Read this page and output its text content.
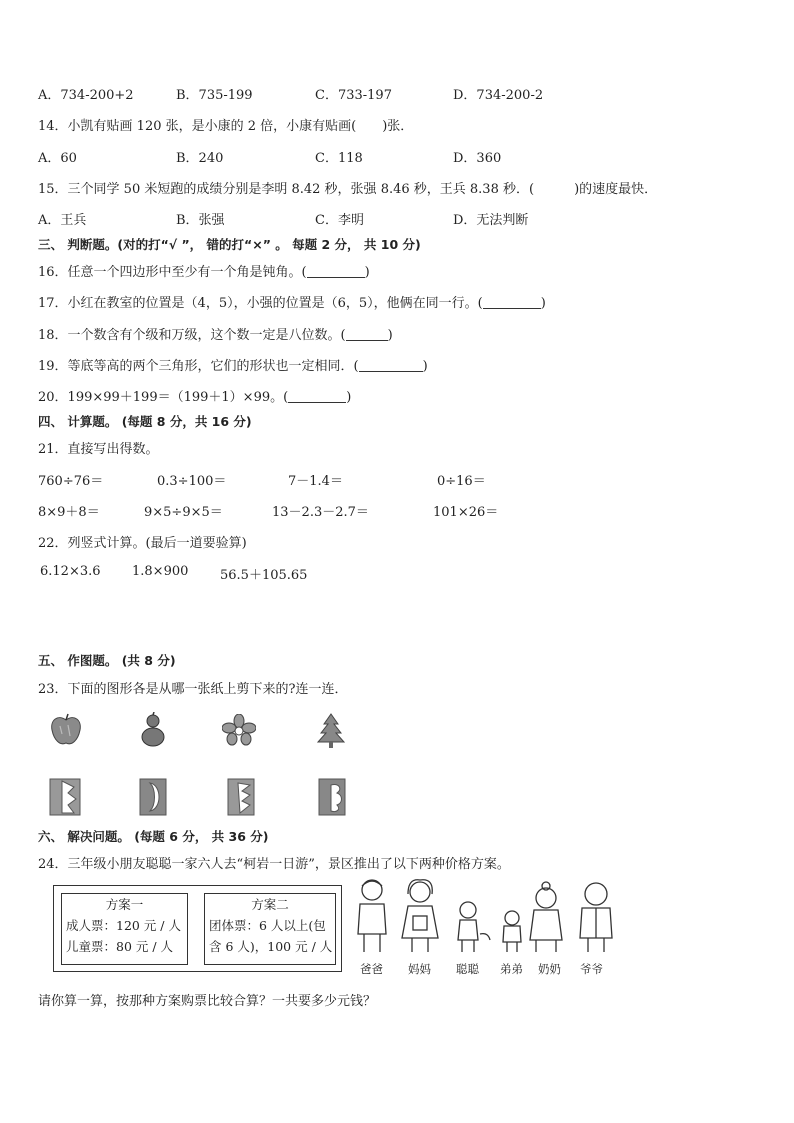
A．734-200+2	B．735-199	C．733-197	D．734-200-2
14．小凯有贴画 120 张，是小康的 2 倍，小康有贴画( )张．
A．60	B．240	C．118	D．360
15．三个同学 50 米短跑的成绩分别是李明 8.42 秒，张强 8.46 秒，王兵 8.38 秒．(	)的速度最快．
A．王兵	B．张强	C．李明	D．无法判断
三、 判断题。(对的打“√ ”， 错的打“×” 。 每题 2 分， 共 10 分)
16．任意一个四边形中至少有一个角是钝角。(	)
17．小红在教室的位置是（4，5），小强的位置是（6，5），他俩在同一行。(	)
18．一个数含有个级和万级，这个数一定是八位数。(	)
19．等底等高的两个三角形，它们的形状也一定相同．(	)
20．199×99＋199＝（199＋1）×99。(	)
四、 计算题。 (每题 8 分，共 16 分)
21．直接写出得数。
760÷76＝	0.3÷100＝	7－1.4＝	0÷16＝
8×9＋8＝	9×5÷9×5＝	13－2.3－2.7＝	101×26＝
22．列竖式计算。(最后一道要验算)
6.12×3.6 1.8×900 56.5＋105.65
五、 作图题。 (共 8 分)
23．下面的图形各是从哪一张纸上剪下来的?连一连．
六、 解决问题。 (每题 6 分， 共 36 分)
24．三年级小朋友聪聪一家六人去“柯岩一日游”，景区推出了以下两种价格方案。
方案一
成人票：120 元 / 人
儿童票：80 元 / 人
方案二
团体票：6 人以上(包
含 6 人)，100 元 / 人
爸爸 妈妈 聪聪 弟弟 奶奶 爷爷
请你算一算，按那种方案购票比较合算？一共要多少元钱？
